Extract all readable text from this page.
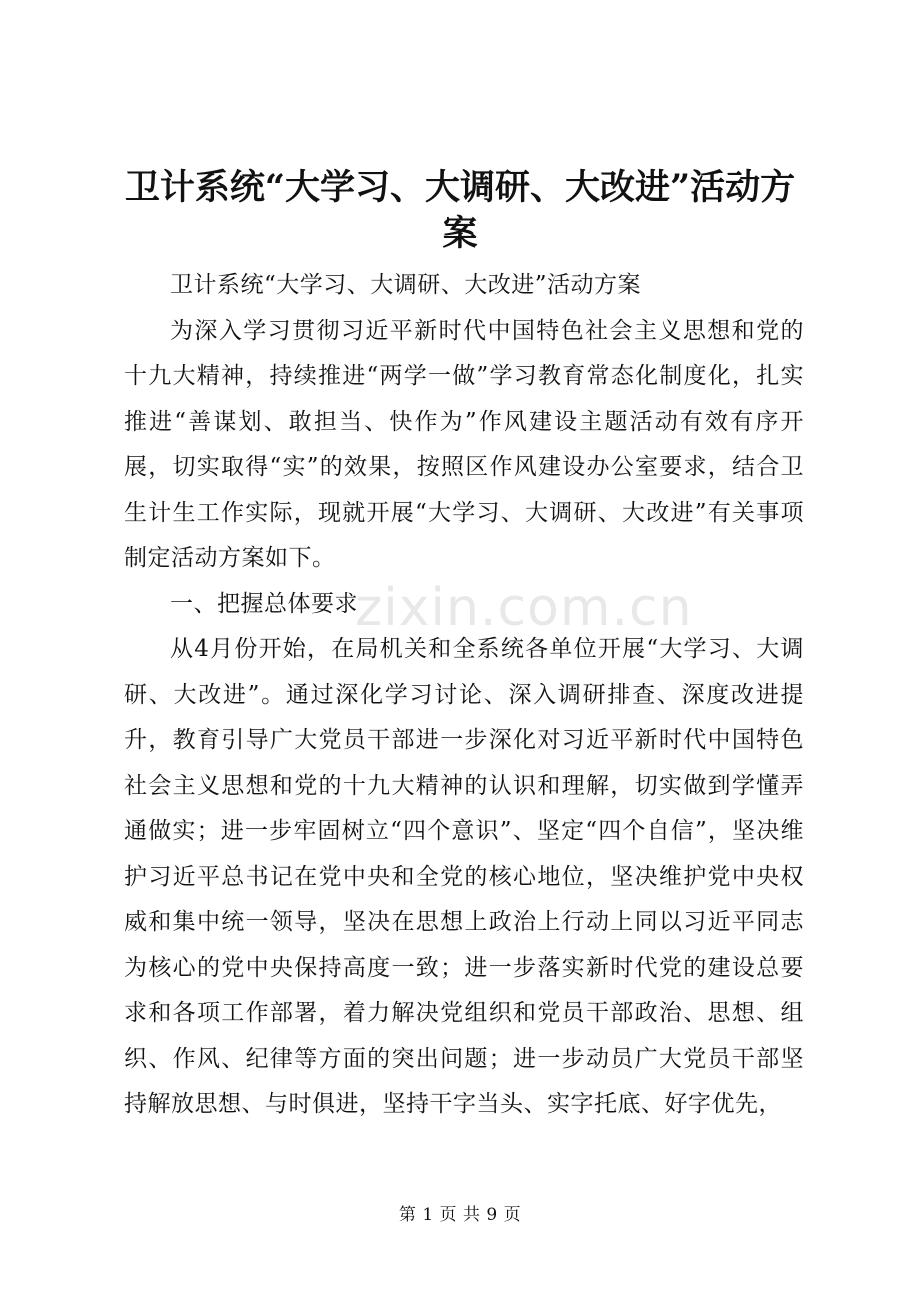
卫计系统“大学习、大调研、大改进”活动方
案

卫计系统“大学习、大调研、大改进”活动方案

为深入学习贯彻习近平新时代中国特色社会主义思想和党的十九大精神，持续推进“两学一做”学习教育常态化制度化，扎实推进“善谋划、敢担当、快作为”作风建设主题活动有效有序开展，切实取得“实”的效果，按照区作风建设办公室要求，结合卫生计生工作实际，现就开展“大学习、大调研、大改进”有关事项制定活动方案如下。

一、把握总体要求

从4月份开始，在局机关和全系统各单位开展“大学习、大调研、大改进”。通过深化学习讨论、深入调研排查、深度改进提升，教育引导广大党员干部进一步深化对习近平新时代中国特色社会主义思想和党的十九大精神的认识和理解，切实做到学懂弄通做实；进一步牢固树立“四个意识”、坚定“四个自信”，坚决维护习近平总书记在党中央和全党的核心地位，坚决维护党中央权威和集中统一领导，坚决在思想上政治上行动上同以习近平同志为核心的党中央保持高度一致；进一步落实新时代党的建设总要求和各项工作部署，着力解决党组织和党员干部政治、思想、组织、作风、纪律等方面的突出问题；进一步动员广大党员干部坚持解放思想、与时俱进，坚持干字当头、实字托底、好字优先，

zixin.com.cn
第 1 页 共 9 页
